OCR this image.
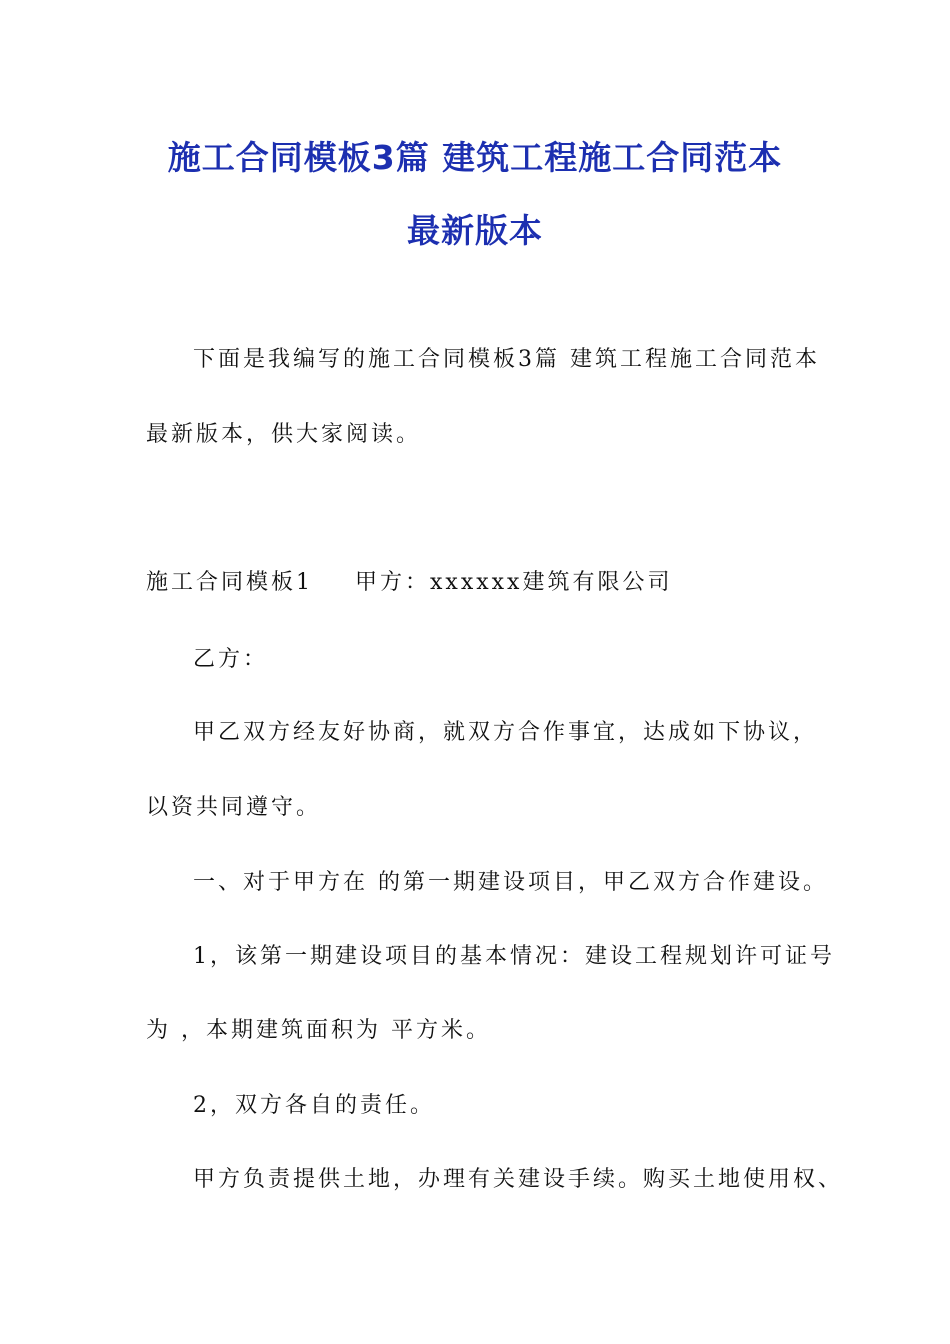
施工合同模板3篇 建筑工程施工合同范本
最新版本
下面是我编写的施工合同模板3篇 建筑工程施工合同范本
最新版本，供大家阅读。
施工合同模板1 甲方：xxxxxx建筑有限公司
乙方：
甲乙双方经友好协商，就双方合作事宜，达成如下协议，
以资共同遵守。
一、对于甲方在 的第一期建设项目，甲乙双方合作建设。
1，该第一期建设项目的基本情况：建设工程规划许可证号
为 ，本期建筑面积为 平方米。
2，双方各自的责任。
甲方负责提供土地，办理有关建设手续。购买土地使用权、
